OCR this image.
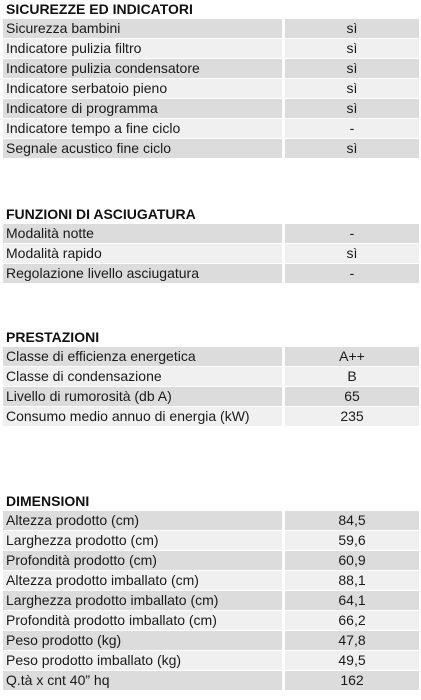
SICUREZZE ED INDICATORI
Sicurezza bambini	sì
Indicatore pulizia filtro	sì
Indicatore pulizia condensatore	sì
Indicatore serbatoio pieno	sì
Indicatore di programma	sì
Indicatore tempo a fine ciclo	-
Segnale acustico fine ciclo	sì
FUNZIONI DI ASCIUGATURA
Modalità notte	-
Modalità rapido	sì
Regolazione livello asciugatura	-
PRESTAZIONI
Classe di efficienza energetica	A++
Classe di condensazione	B
Livello di rumorosità (db A)	65
Consumo medio annuo di energia (kW)	235
DIMENSIONI
Altezza prodotto (cm)	84,5
Larghezza prodotto (cm)	59,6
Profondità prodotto (cm)	60,9
Altezza prodotto imballato (cm)	88,1
Larghezza prodotto imballato (cm)	64,1
Profondità prodotto imballato (cm)	66,2
Peso prodotto (kg)	47,8
Peso prodotto imballato (kg)	49,5
Q.tà x cnt 40” hq	162
